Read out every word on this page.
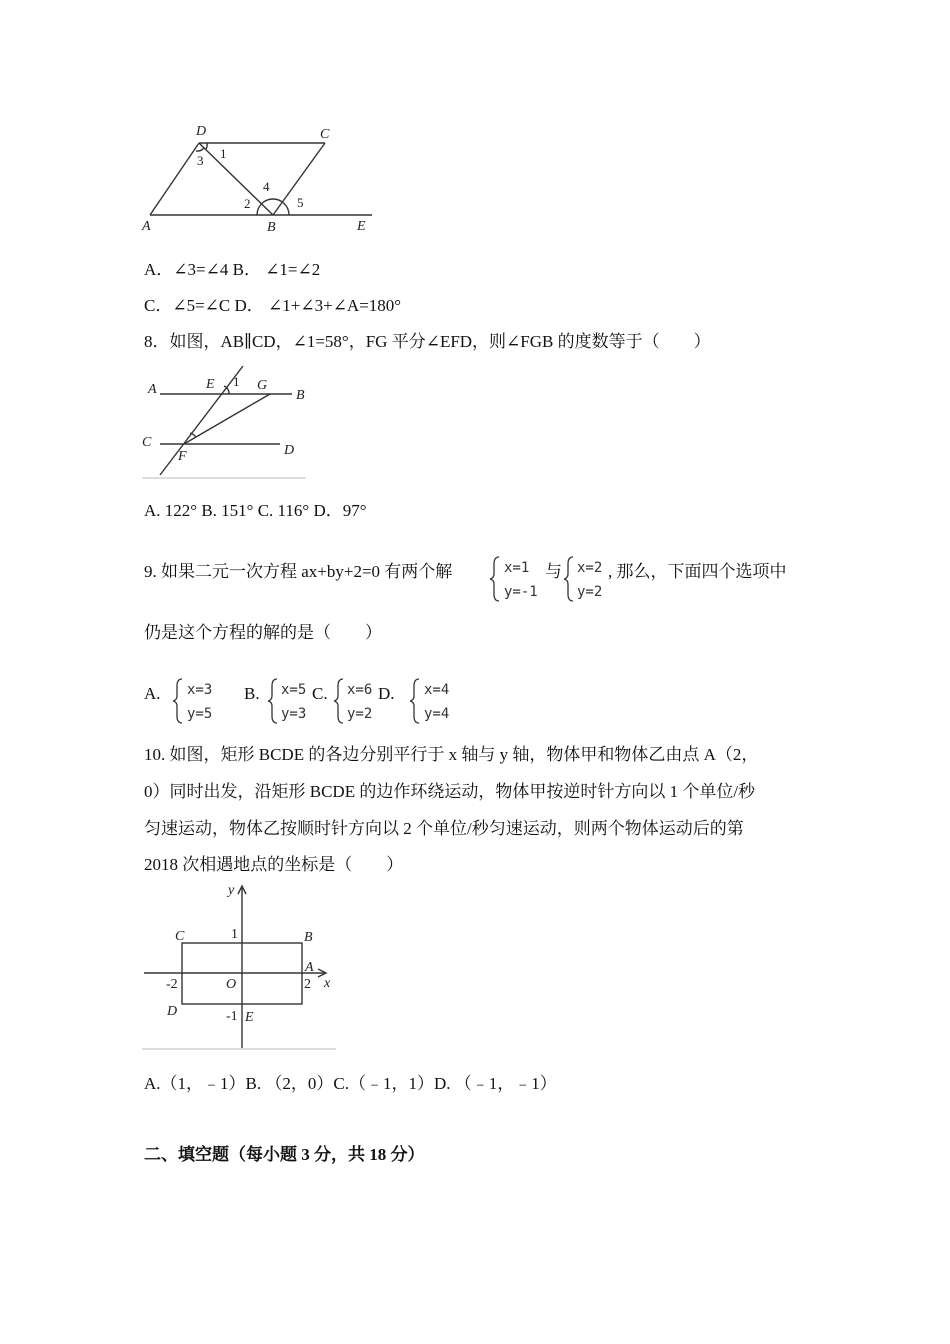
D	C
A	B	E
1
3
4
2	5
A．∠3=∠4 B． ∠1=∠2
C．∠5=∠C D． ∠1+∠3+∠A=180°
8．如图，AB∥CD，∠1=58°，FG 平分∠EFD，则∠FGB 的度数等于（　　）
A	E 1 G
B
C
F	D
A. 122° B. 151° C. 116° D．97°
9. 如果二元一次方程 ax+by+2=0 有两个解	x=1
y=-1
与 x=2
y=2
, 那么，下面四个选项中
仍是这个方程的解的是（　　）
A. x=3
y=5
B. x=5
y=3
C. x=6
y=2
D. x=4
y=4
10. 如图，矩形 BCDE 的各边分别平行于 x 轴与 y 轴，物体甲和物体乙由点 A（2，
0）同时出发，沿矩形 BCDE 的边作环绕运动，物体甲按逆时针方向以 1 个单位/秒
匀速运动，物体乙按顺时针方向以 2 个单位/秒匀速运动，则两个物体运动后的第
2018 次相遇地点的坐标是（　　）
y
x
C	B
1
A
-2	O	2
D	-1 E
A.（1，﹣1）B. （2，0）C.（﹣1，1）D. （﹣1，﹣1）
二、填空题（每小题 3 分，共 18 分）
